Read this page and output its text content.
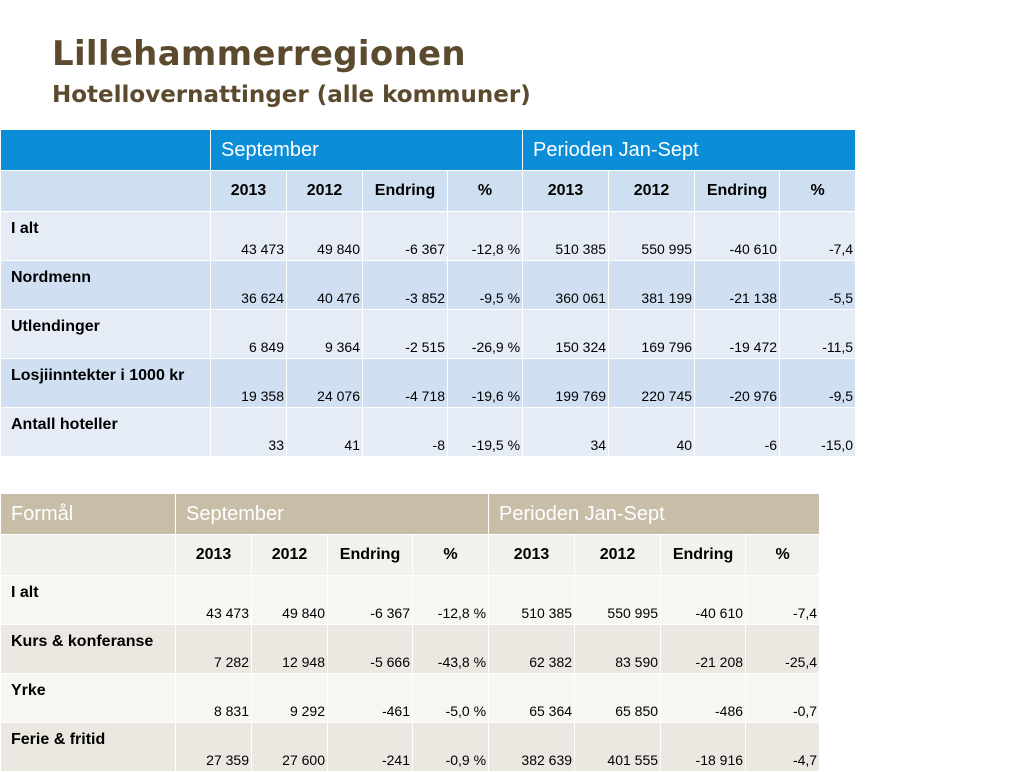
Lillehammerregionen
Hotellovernattinger (alle kommuner)
	September				Perioden Jan-Sept			
	2013	2012	Endring	%	2013	2012	Endring	%
I alt	43 473	49 840	-6 367	-12,8 %	510 385	550 995	-40 610	-7,4
Nordmenn	36 624	40 476	-3 852	-9,5 %	360 061	381 199	-21 138	-5,5
Utlendinger	6 849	9 364	-2 515	-26,9 %	150 324	169 796	-19 472	-11,5
Losjiinntekter i 1000 kr	19 358	24 076	-4 718	-19,6 %	199 769	220 745	-20 976	-9,5
Antall hoteller	33	41	-8	-19,5 %	34	40	-6	-15,0
Formål	September				Perioden Jan-Sept			
	2013	2012	Endring	%	2013	2012	Endring	%
I alt	43 473	49 840	-6 367	-12,8 %	510 385	550 995	-40 610	-7,4
Kurs & konferanse	7 282	12 948	-5 666	-43,8 %	62 382	83 590	-21 208	-25,4
Yrke	8 831	9 292	-461	-5,0 %	65 364	65 850	-486	-0,7
Ferie & fritid	27 359	27 600	-241	-0,9 %	382 639	401 555	-18 916	-4,7
